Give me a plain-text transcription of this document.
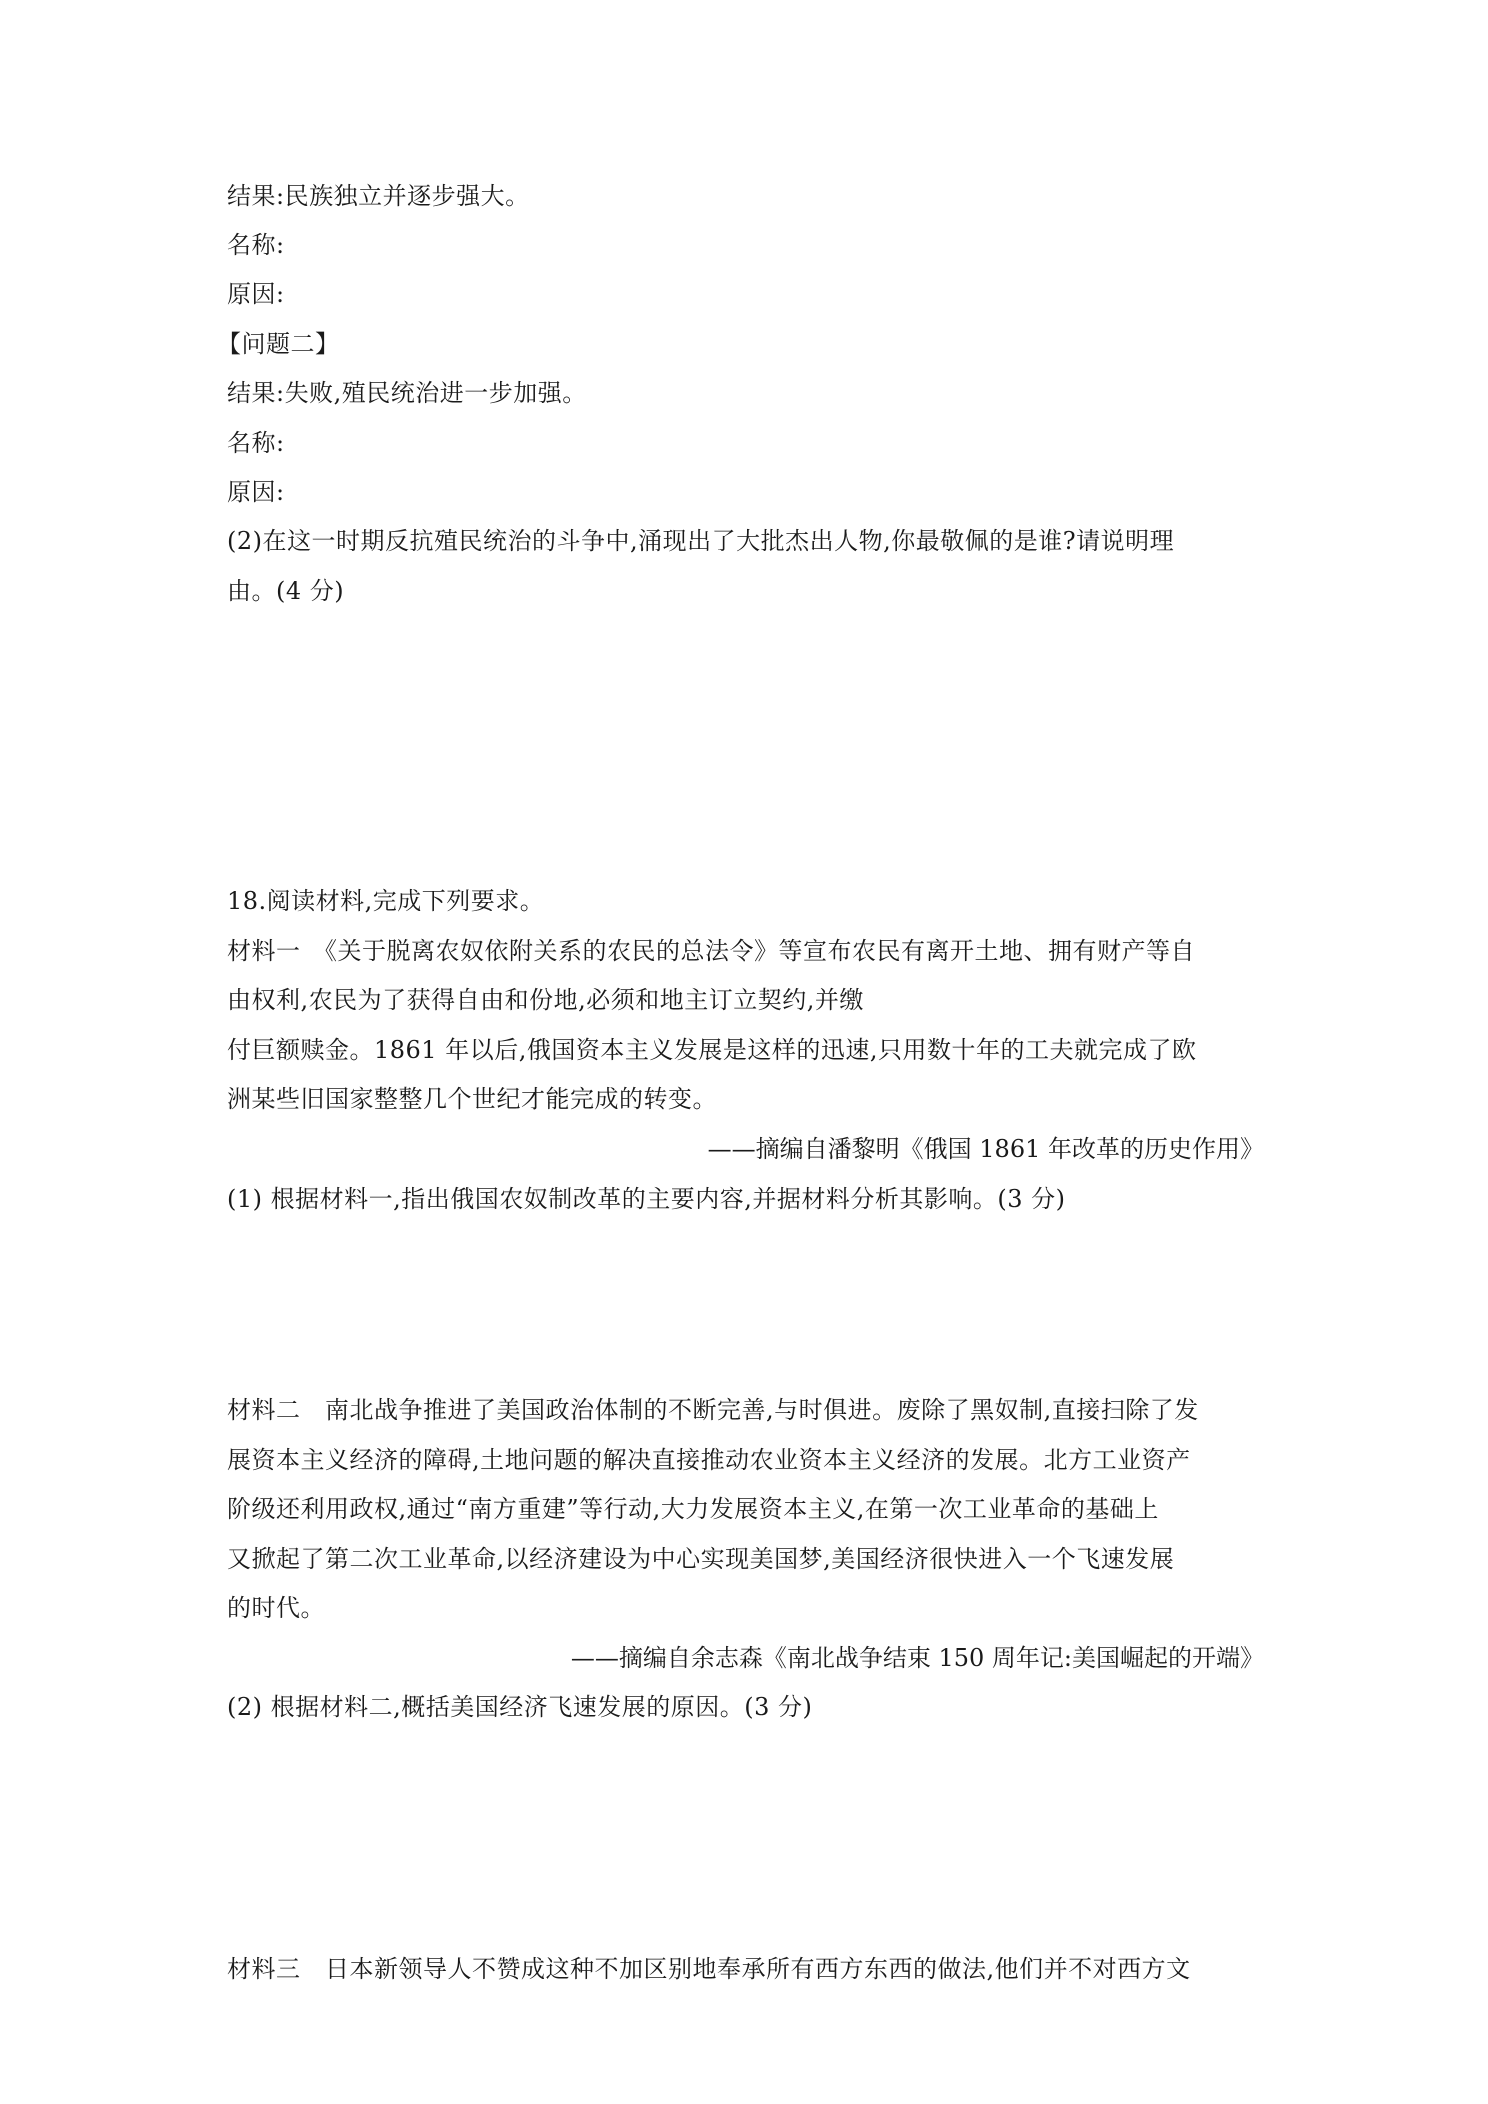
结果:民族独立并逐步强大。
名称:
原因:
【问题二】
结果:失败,殖民统治进一步加强。
名称:
原因:
(2)在这一时期反抗殖民统治的斗争中,涌现出了大批杰出人物,你最敬佩的是谁?请说明理
由。(4 分)
18.阅读材料,完成下列要求。
材料一　《关于脱离农奴依附关系的农民的总法令》等宣布农民有离开土地、拥有财产等自
由权利,农民为了获得自由和份地,必须和地主订立契约,并缴
付巨额赎金。1861 年以后,俄国资本主义发展是这样的迅速,只用数十年的工夫就完成了欧
洲某些旧国家整整几个世纪才能完成的转变。
——摘编自潘黎明《俄国 1861 年改革的历史作用》
(1) 根据材料一,指出俄国农奴制改革的主要内容,并据材料分析其影响。(3 分)
材料二　南北战争推进了美国政治体制的不断完善,与时俱进。废除了黑奴制,直接扫除了发
展资本主义经济的障碍,土地问题的解决直接推动农业资本主义经济的发展。北方工业资产
阶级还利用政权,通过“南方重建”等行动,大力发展资本主义,在第一次工业革命的基础上
又掀起了第二次工业革命,以经济建设为中心实现美国梦,美国经济很快进入一个飞速发展
的时代。
——摘编自余志森《南北战争结束 150 周年记:美国崛起的开端》
(2) 根据材料二,概括美国经济飞速发展的原因。(3 分)
材料三　日本新领导人不赞成这种不加区别地奉承所有西方东西的做法,他们并不对西方文
